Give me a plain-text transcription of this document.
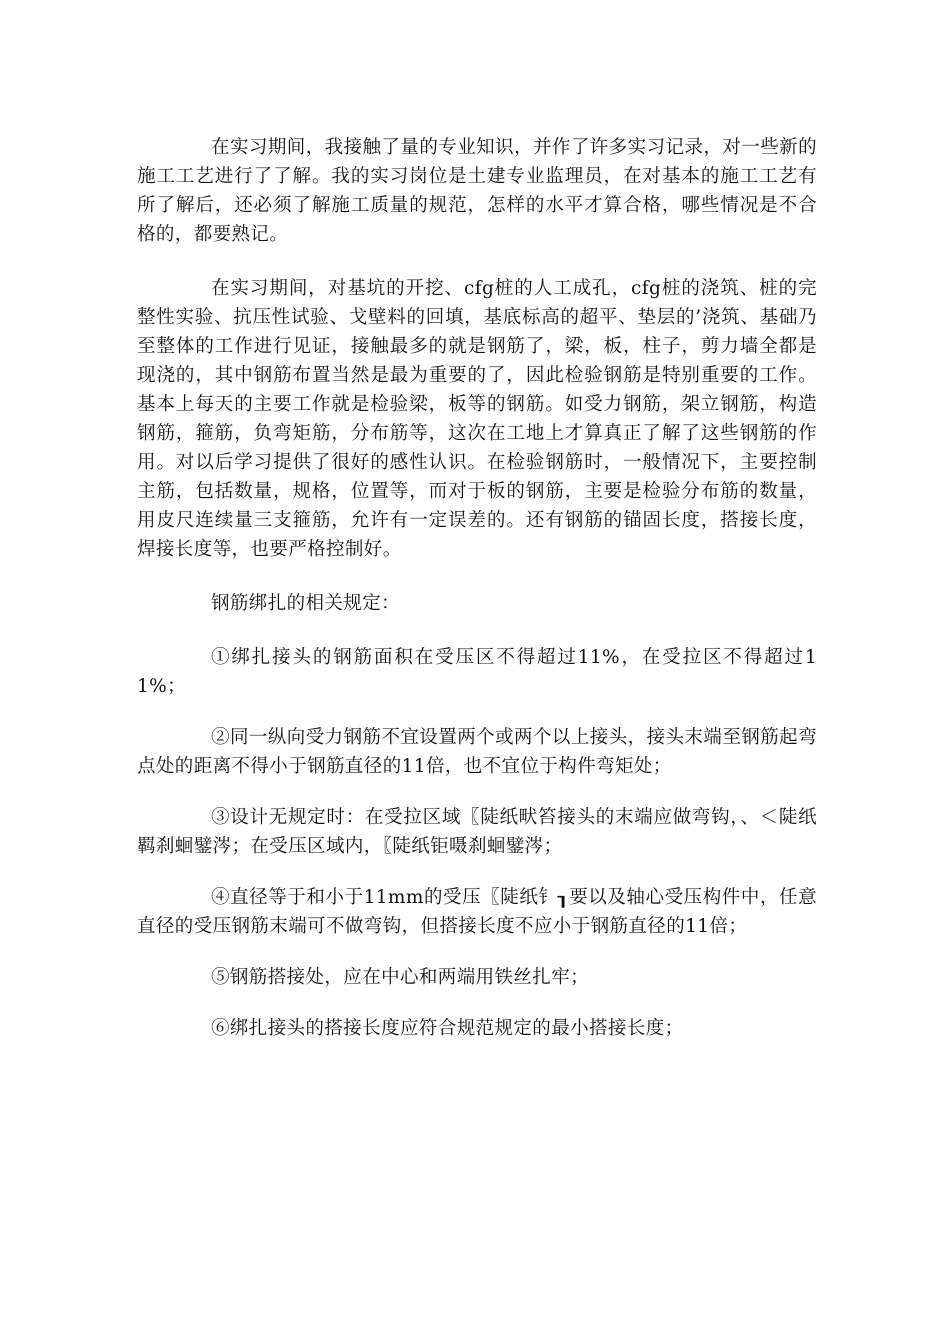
在实习期间，我接触了量的专业知识，并作了许多实习记录，对一些新的施工工艺进行了了解。我的实习岗位是土建专业监理员，在对基本的施工工艺有所了解后，还必须了解施工质量的规范，怎样的水平才算合格，哪些情况是不合格的，都要熟记。

在实习期间，对基坑的开挖、cfg桩的人工成孔，cfg桩的浇筑、桩的完整性实验、抗压性试验、戈壁料的回填，基底标高的超平、垫层的’浇筑、基础乃至整体的工作进行见证，接触最多的就是钢筋了，梁，板，柱子，剪力墙全都是现浇的，其中钢筋布置当然是最为重要的了，因此检验钢筋是特别重要的工作。基本上每天的主要工作就是检验梁，板等的钢筋。如受力钢筋，架立钢筋，构造钢筋，箍筋，负弯矩筋，分布筋等，这次在工地上才算真正了解了这些钢筋的作用。对以后学习提供了很好的感性认识。在检验钢筋时，一般情况下，主要控制主筋，包括数量，规格，位置等，而对于板的钢筋，主要是检验分布筋的数量，用皮尺连续量三支箍筋，允许有一定误差的。还有钢筋的锚固长度，搭接长度，焊接长度等，也要严格控制好。

钢筋绑扎的相关规定：

①绑扎接头的钢筋面积在受压区不得超过11%，在受拉区不得超过11%；

②同一纵向受力钢筋不宜设置两个或两个以上接头，接头末端至钢筋起弯点处的距离不得小于钢筋直径的11倍，也不宜位于构件弯矩处；

③设计无规定时：在受拉区域〖陡纸畎笞接头的末端应做弯钩，、＜陡纸羁刹蛔鐾涔；在受压区域内，〖陡纸钜嗫刹蛔鐾涔；

④直径等于和小于11mm的受压〖陡纸钅┒要以及轴心受压构件中，任意直径的受压钢筋末端可不做弯钩，但搭接长度不应小于钢筋直径的11倍；

⑤钢筋搭接处，应在中心和两端用铁丝扎牢；

⑥绑扎接头的搭接长度应符合规范规定的最小搭接长度；
